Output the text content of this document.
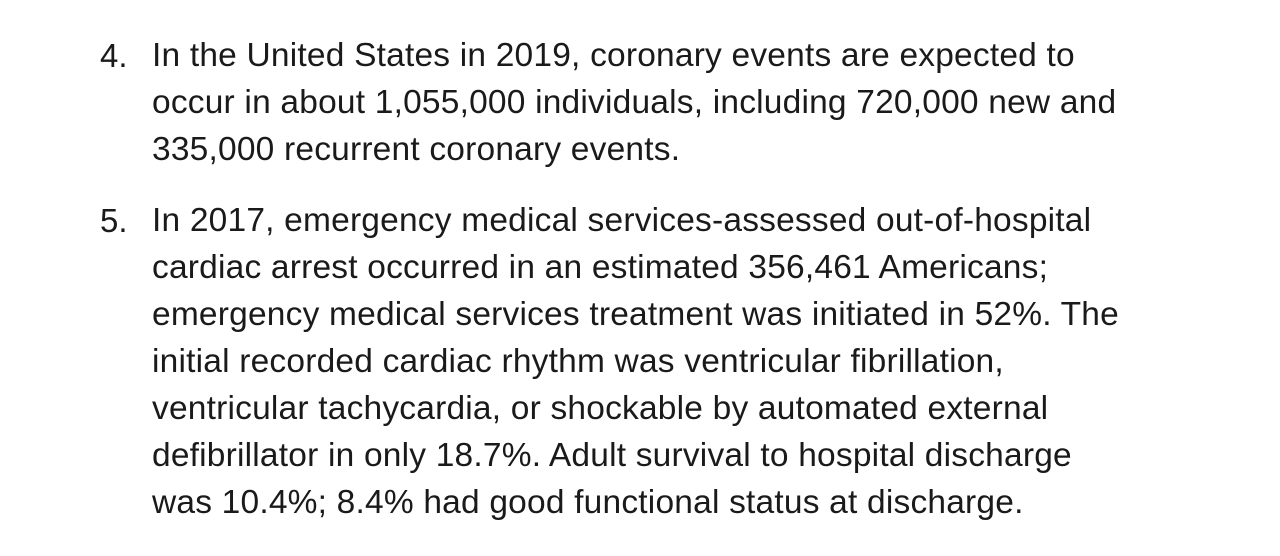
4. In the United States in 2019, coronary events are expected to
occur in about 1,055,000 individuals, including 720,000 new and
335,000 recurrent coronary events.
5. In 2017, emergency medical services-assessed out-of-hospital
cardiac arrest occurred in an estimated 356,461 Americans;
emergency medical services treatment was initiated in 52%. The
initial recorded cardiac rhythm was ventricular fibrillation,
ventricular tachycardia, or shockable by automated external
defibrillator in only 18.7%. Adult survival to hospital discharge
was 10.4%; 8.4% had good functional status at discharge.
